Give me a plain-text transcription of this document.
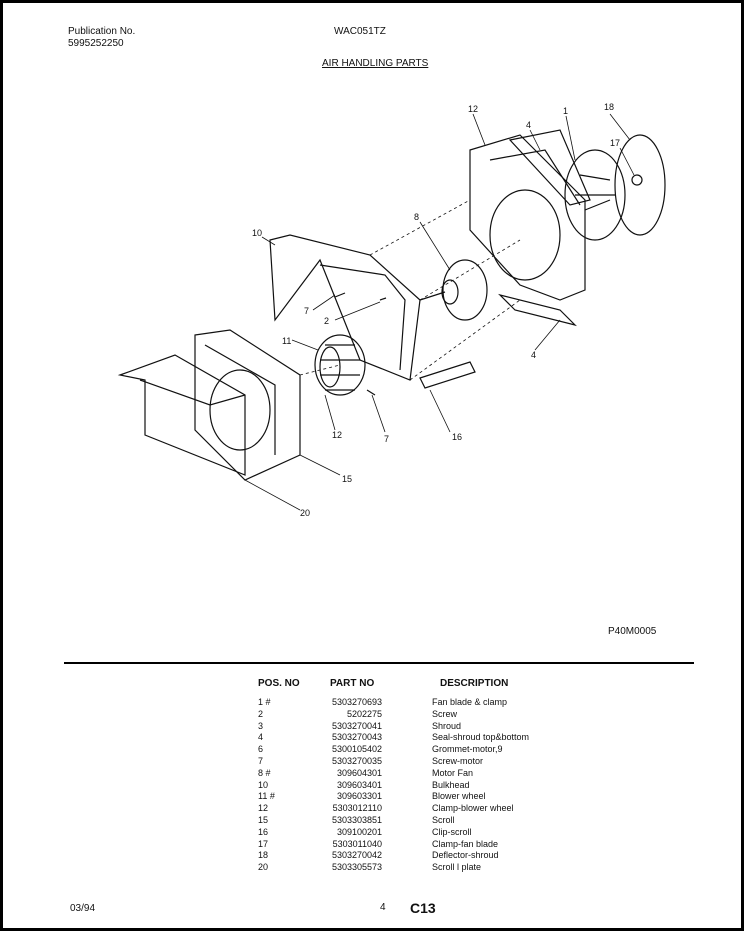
Publication No.
5995252250
WAC051TZ
AIR HANDLING PARTS
12
4
1	18
17
8
10
7
2
11
12	7	16
15
20
4
P40M0005
POS. NO	PART NO	DESCRIPTION
1 #	5303270693	Fan blade & clamp
2	5202275	Screw
3	5303270041	Shroud
4	5303270043	Seal-shroud top&bottom
6	5300105402	Grommet-motor,9
7	5303270035	Screw-motor
8 #	309604301	Motor Fan
10	309603401	Bulkhead
11 #	309603301	Blower wheel
12	5303012110	Clamp-blower wheel
15	5303303851	Scroll
16	309100201	Clip-scroll
17	5303011040	Clamp-fan blade
18	5303270042	Deflector-shroud
20	5303305573	Scroll l plate
03/94	4 C13
